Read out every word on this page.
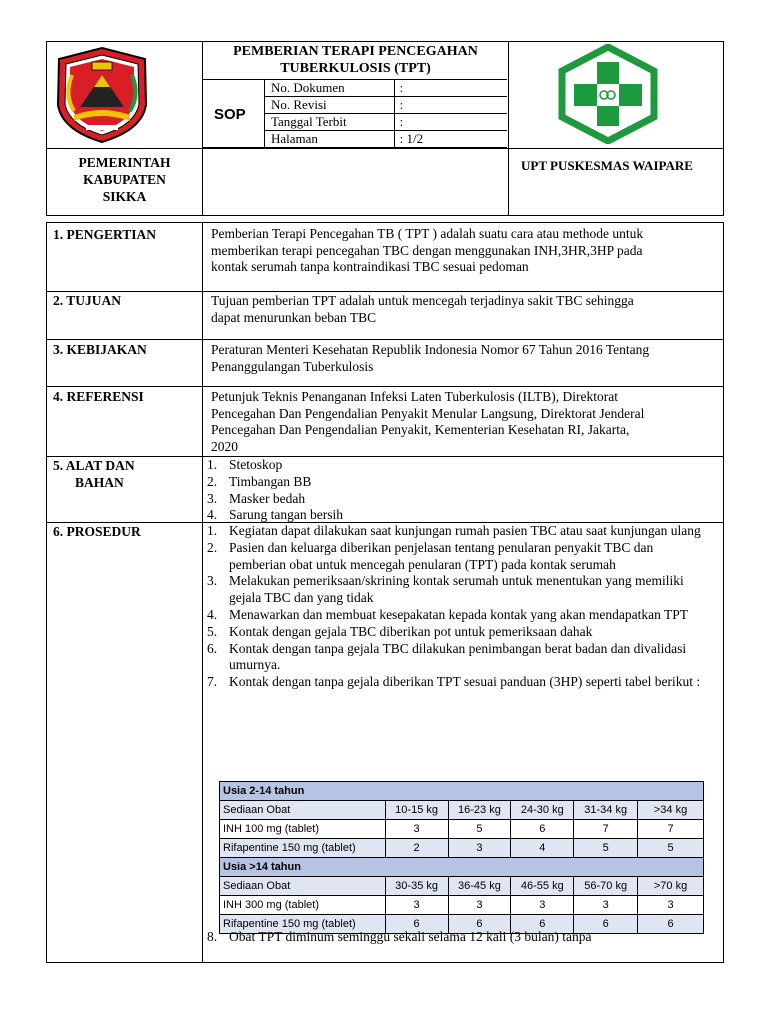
PEMBERIAN TERAPI PENCEGAHAN
TUBERKULOSIS (TPT)
SOP
No. Dokumen	:
No. Revisi	:
Tanggal Terbit	:
Halaman	: 1/2
PEMERINTAH
KABUPATEN
SIKKA
UPT PUSKESMAS WAIPARE
1. PENGERTIAN	Pemberian Terapi Pencegahan TB ( TPT ) adalah suatu cara atau methode untuk
memberikan terapi pencegahan TBC dengan menggunakan INH,3HR,3HP pada
kontak serumah tanpa kontraindikasi TBC sesuai pedoman
2. TUJUAN	Tujuan pemberian TPT adalah untuk mencegah terjadinya sakit TBC sehingga
dapat menurunkan beban TBC
3. KEBIJAKAN	Peraturan Menteri Kesehatan Republik Indonesia Nomor 67 Tahun 2016 Tentang
Penanggulangan Tuberkulosis
4. REFERENSI	Petunjuk Teknis Penanganan Infeksi Laten Tuberkulosis (ILTB), Direktorat
Pencegahan Dan Pengendalian Penyakit Menular Langsung, Direktorat Jenderal
Pencegahan Dan Pengendalian Penyakit, Kementerian Kesehatan RI, Jakarta,
2020
5. ALAT DAN
BAHAN
1. Stetoskop
2. Timbangan BB
3. Masker bedah
4. Sarung tangan bersih
6. PROSEDUR	1. Kegiatan dapat dilakukan saat kunjungan rumah pasien TBC atau saat kunjungan ulang
2. Pasien dan keluarga diberikan penjelasan tentang penularan penyakit TBC dan pemberian obat untuk mencegah penularan (TPT) pada kontak serumah
3. Melakukan pemeriksaan/skrining kontak serumah untuk menentukan yang memiliki gejala TBC dan yang tidak
4. Menawarkan dan membuat kesepakatan kepada kontak yang akan mendapatkan TPT
5. Kontak dengan gejala TBC diberikan pot untuk pemeriksaan dahak
6. Kontak dengan tanpa gejala TBC dilakukan penimbangan berat badan dan divalidasi umurnya.
7. Kontak dengan tanpa gejala diberikan TPT sesuai panduan (3HP) seperti tabel berikut :
Usia 2-14 tahun					
Sediaan Obat	10-15 kg	16-23 kg	24-30 kg	31-34 kg	>34 kg
INH 100 mg (tablet)	3	5	6	7	7
Rifapentine 150 mg (tablet)	2	3	4	5	5
Usia >14 tahun					
Sediaan Obat	30-35 kg	36-45 kg	46-55 kg	56-70 kg	>70 kg
INH 300 mg (tablet)	3	3	3	3	3
Rifapentine 150 mg (tablet)	6	6	6	6	6
8. Obat TPT diminum seminggu sekali selama 12 kali (3 bulan) tanpa
